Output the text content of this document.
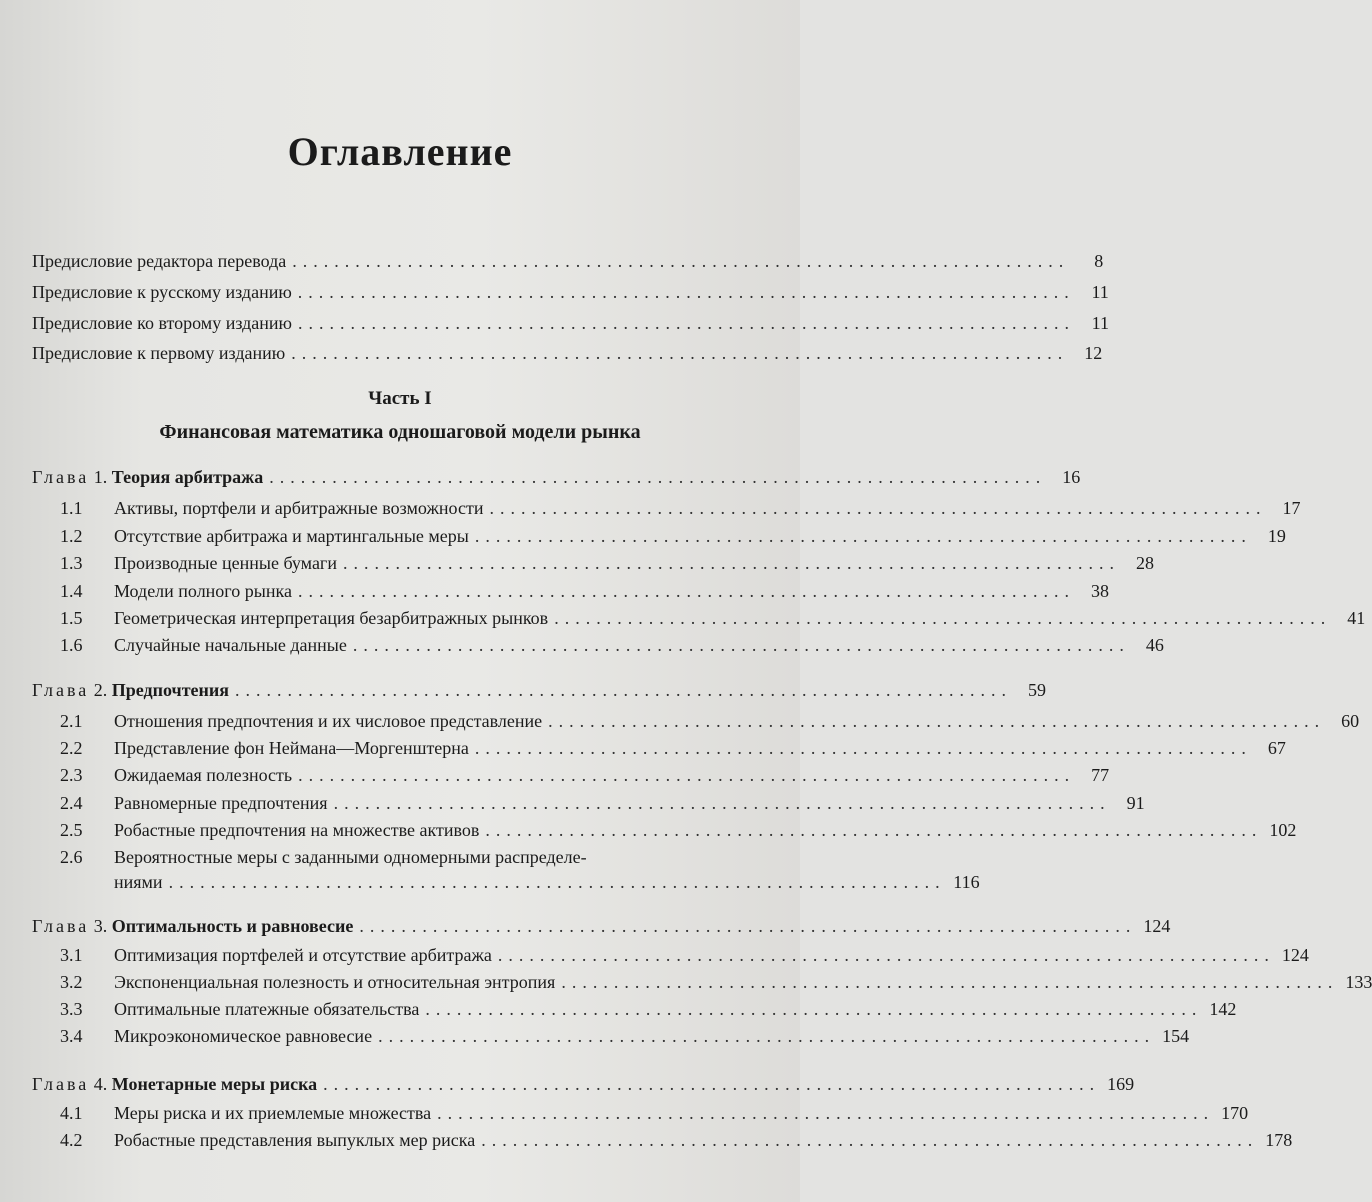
Оглавление
Предисловие редактора перевода ..........................................................................	8
Предисловие к русскому изданию .......................................................................... 11
Предисловие ко второму изданию .......................................................................... 11
Предисловие к первому изданию .......................................................................... 12
Часть I
Финансовая математика одношаговой модели рынка
Глава 1. Теория арбитража .......................................................................... 16
1.1	Активы, портфели и арбитражные возможности .......................................................................... 17
1.2	Отсутствие арбитража и мартингальные меры .......................................................................... 19
1.3	Производные ценные бумаги .......................................................................... 28
1.4	Модели полного рынка .......................................................................... 38
1.5	Геометрическая интерпретация безарбитражных рынков .......................................................................... 41
1.6	Случайные начальные данные .......................................................................... 46
Глава 2. Предпочтения .......................................................................... 59
2.1	Отношения предпочтения и их числовое представление .......................................................................... 60
2.2	Представление фон Неймана—Моргенштерна .......................................................................... 67
2.3	Ожидаемая полезность .......................................................................... 77
2.4	Равномерные предпочтения .......................................................................... 91
2.5	Робастные предпочтения на множестве активов .......................................................................... 102
2.6 Вероятностные меры с заданными одномерными распределе-
ниями .......................................................................... 116
Глава 3. Оптимальность и равновесие .......................................................................... 124
3.1	Оптимизация портфелей и отсутствие арбитража .......................................................................... 124
3.2	Экспоненциальная полезность и относительная энтропия .......................................................................... 133
3.3	Оптимальные платежные обязательства .......................................................................... 142
3.4	Микроэкономическое равновесие .......................................................................... 154
Глава 4. Монетарные меры риска .......................................................................... 169
4.1	Меры риска и их приемлемые множества .......................................................................... 170
4.2	Робастные представления выпуклых мер риска .......................................................................... 178
